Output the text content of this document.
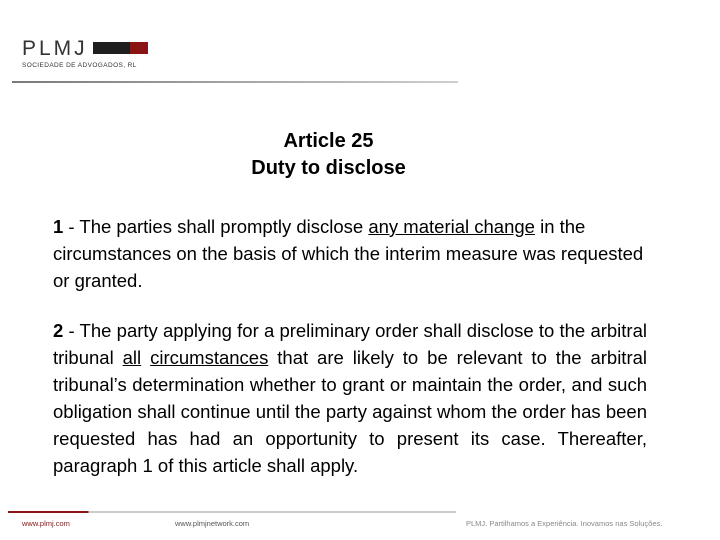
PLMJ
SOCIEDADE DE ADVOGADOS, RL
Article 25
Duty to disclose

1 - The parties shall promptly disclose any material change in the circumstances on the basis of which the interim measure was requested or granted.

2 - The party applying for a preliminary order shall disclose to the arbitral tribunal all circumstances that are likely to be relevant to the arbitral tribunal’s determination whether to grant or maintain the order, and such obligation shall continue until the party against whom the order has been requested has had an opportunity to present its case. Thereafter, paragraph 1 of this article shall apply.

www.plmj.com	www.plmjnetwork.com	PLMJ. Partilhamos a Experiência. Inovamos nas Soluções.
